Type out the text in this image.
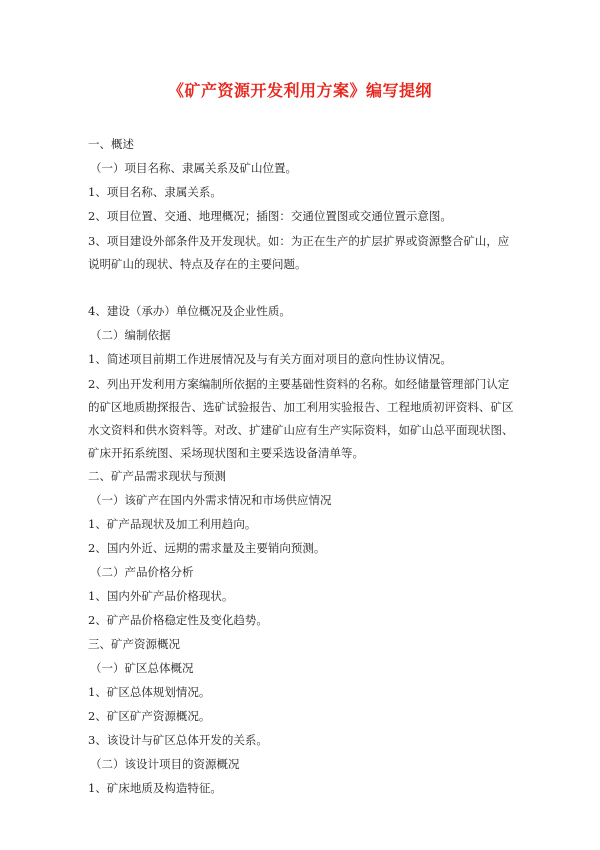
《矿产资源开发利用方案》编写提纲
一、概述
（一）项目名称、隶属关系及矿山位置。
1、项目名称、隶属关系。
2、项目位置、交通、地理概况；插图：交通位置图或交通位置示意图。
3、项目建设外部条件及开发现状。如：为正在生产的扩层扩界或资源整合矿山，应说明矿山的现状、特点及存在的主要问题。
4、建设（承办）单位概况及企业性质。
（二）编制依据
1、简述项目前期工作进展情况及与有关方面对项目的意向性协议情况。
2、列出开发利用方案编制所依据的主要基础性资料的名称。如经储量管理部门认定的矿区地质勘探报告、选矿试验报告、加工利用实验报告、工程地质初评资料、矿区水文资料和供水资料等。对改、扩建矿山应有生产实际资料，如矿山总平面现状图、矿床开拓系统图、采场现状图和主要采选设备清单等。
二、矿产品需求现状与预测
（一）该矿产在国内外需求情况和市场供应情况
1、矿产品现状及加工利用趋向。
2、国内外近、远期的需求量及主要销向预测。
（二）产品价格分析
1、国内外矿产品价格现状。
2、矿产品价格稳定性及变化趋势。
三、矿产资源概况
（一）矿区总体概况
1、矿区总体规划情况。
2、矿区矿产资源概况。
3、该设计与矿区总体开发的关系。
（二）该设计项目的资源概况
1、矿床地质及构造特征。
